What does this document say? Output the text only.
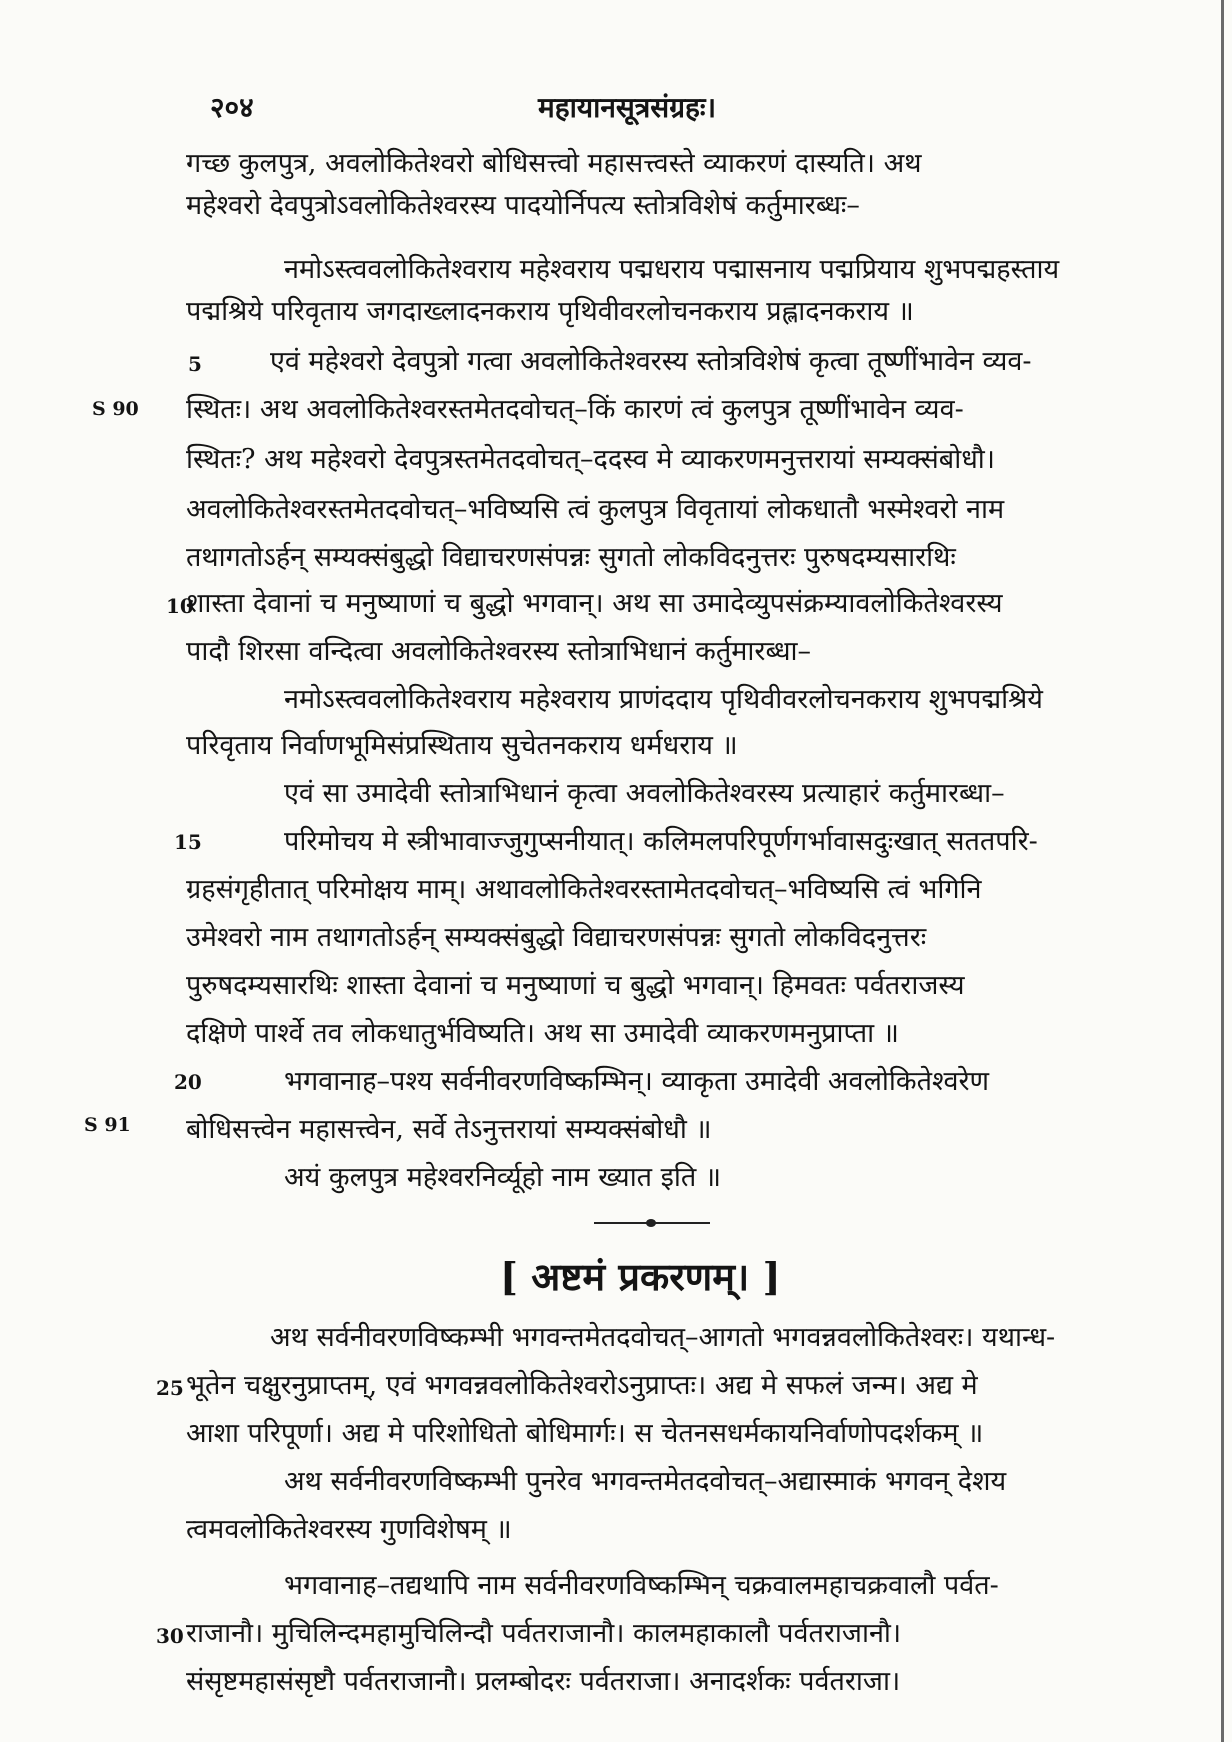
२०४	महायानसूत्रसंग्रहः।
गच्छ कुलपुत्र, अवलोकितेश्वरो बोधिसत्त्वो महासत्त्वस्ते व्याकरणं दास्यति। अथ
महेश्वरो देवपुत्रोऽवलोकितेश्वरस्य पादयोर्निपत्य स्तोत्रविशेषं कर्तुमारब्धः–
नमोऽस्त्ववलोकितेश्वराय महेश्वराय पद्मधराय पद्मासनाय पद्मप्रियाय शुभपद्महस्ताय
पद्मश्रिये परिवृताय जगदाख्लादनकराय पृथिवीवरलोचनकराय प्रह्लादनकराय ॥
एवं महेश्वरो देवपुत्रो गत्वा अवलोकितेश्वरस्य स्तोत्रविशेषं कृत्वा तूष्णींभावेन व्यव-
स्थितः। अथ अवलोकितेश्वरस्तमेतदवोचत्–किं कारणं त्वं कुलपुत्र तूष्णींभावेन व्यव-
स्थितः? अथ महेश्वरो देवपुत्रस्तमेतदवोचत्–ददस्व मे व्याकरणमनुत्तरायां सम्यक्संबोधौ।
अवलोकितेश्वरस्तमेतदवोचत्–भविष्यसि त्वं कुलपुत्र विवृतायां लोकधातौ भस्मेश्वरो नाम
तथागतोऽर्हन् सम्यक्संबुद्धो विद्याचरणसंपन्नः सुगतो लोकविदनुत्तरः पुरुषदम्यसारथिः
शास्ता देवानां च मनुष्याणां च बुद्धो भगवान्। अथ सा उमादेव्युपसंक्रम्यावलोकितेश्वरस्य
पादौ शिरसा वन्दित्वा अवलोकितेश्वरस्य स्तोत्राभिधानं कर्तुमारब्धा–
नमोऽस्त्ववलोकितेश्वराय महेश्वराय प्राणंददाय पृथिवीवरलोचनकराय शुभपद्मश्रिये
परिवृताय निर्वाणभूमिसंप्रस्थिताय सुचेतनकराय धर्मधराय ॥
एवं सा उमादेवी स्तोत्राभिधानं कृत्वा अवलोकितेश्वरस्य प्रत्याहारं कर्तुमारब्धा–
परिमोचय मे स्त्रीभावाज्जुगुप्सनीयात्। कलिमलपरिपूर्णगर्भावासदुःखात् सततपरि-
ग्रहसंगृहीतात् परिमोक्षय माम्। अथावलोकितेश्वरस्तामेतदवोचत्–भविष्यसि त्वं भगिनि
उमेश्वरो नाम तथागतोऽर्हन् सम्यक्संबुद्धो विद्याचरणसंपन्नः सुगतो लोकविदनुत्तरः
पुरुषदम्यसारथिः शास्ता देवानां च मनुष्याणां च बुद्धो भगवान्। हिमवतः पर्वतराजस्य
दक्षिणे पार्श्वे तव लोकधातुर्भविष्यति। अथ सा उमादेवी व्याकरणमनुप्राप्ता ॥
भगवानाह–पश्य सर्वनीवरणविष्कम्भिन्। व्याकृता उमादेवी अवलोकितेश्वरेण
बोधिसत्त्वेन महासत्त्वेन, सर्वे तेऽनुत्तरायां सम्यक्संबोधौ ॥
अयं कुलपुत्र महेश्वरनिर्व्यूहो नाम ख्यात इति ॥
[ अष्टमं प्रकरणम्। ]
अथ सर्वनीवरणविष्कम्भी भगवन्तमेतदवोचत्–आगतो भगवन्नवलोकितेश्वरः। यथान्ध-
भूतेन चक्षुरनुप्राप्तम्, एवं भगवन्नवलोकितेश्वरोऽनुप्राप्तः। अद्य मे सफलं जन्म। अद्य मे
आशा परिपूर्णा। अद्य मे परिशोधितो बोधिमार्गः। स चेतनसधर्मकायनिर्वाणोपदर्शकम् ॥
अथ सर्वनीवरणविष्कम्भी पुनरेव भगवन्तमेतदवोचत्–अद्यास्माकं भगवन् देशय
त्वमवलोकितेश्वरस्य गुणविशेषम् ॥
भगवानाह–तद्यथापि नाम सर्वनीवरणविष्कम्भिन् चक्रवालमहाचक्रवालौ पर्वत-
राजानौ। मुचिलिन्दमहामुचिलिन्दौ पर्वतराजानौ। कालमहाकालौ पर्वतराजानौ।
संसृष्टमहासंसृष्टौ पर्वतराजानौ। प्रलम्बोदरः पर्वतराजा। अनादर्शकः पर्वतराजा।
5
10
15
20
25
30
S 90
S 91
